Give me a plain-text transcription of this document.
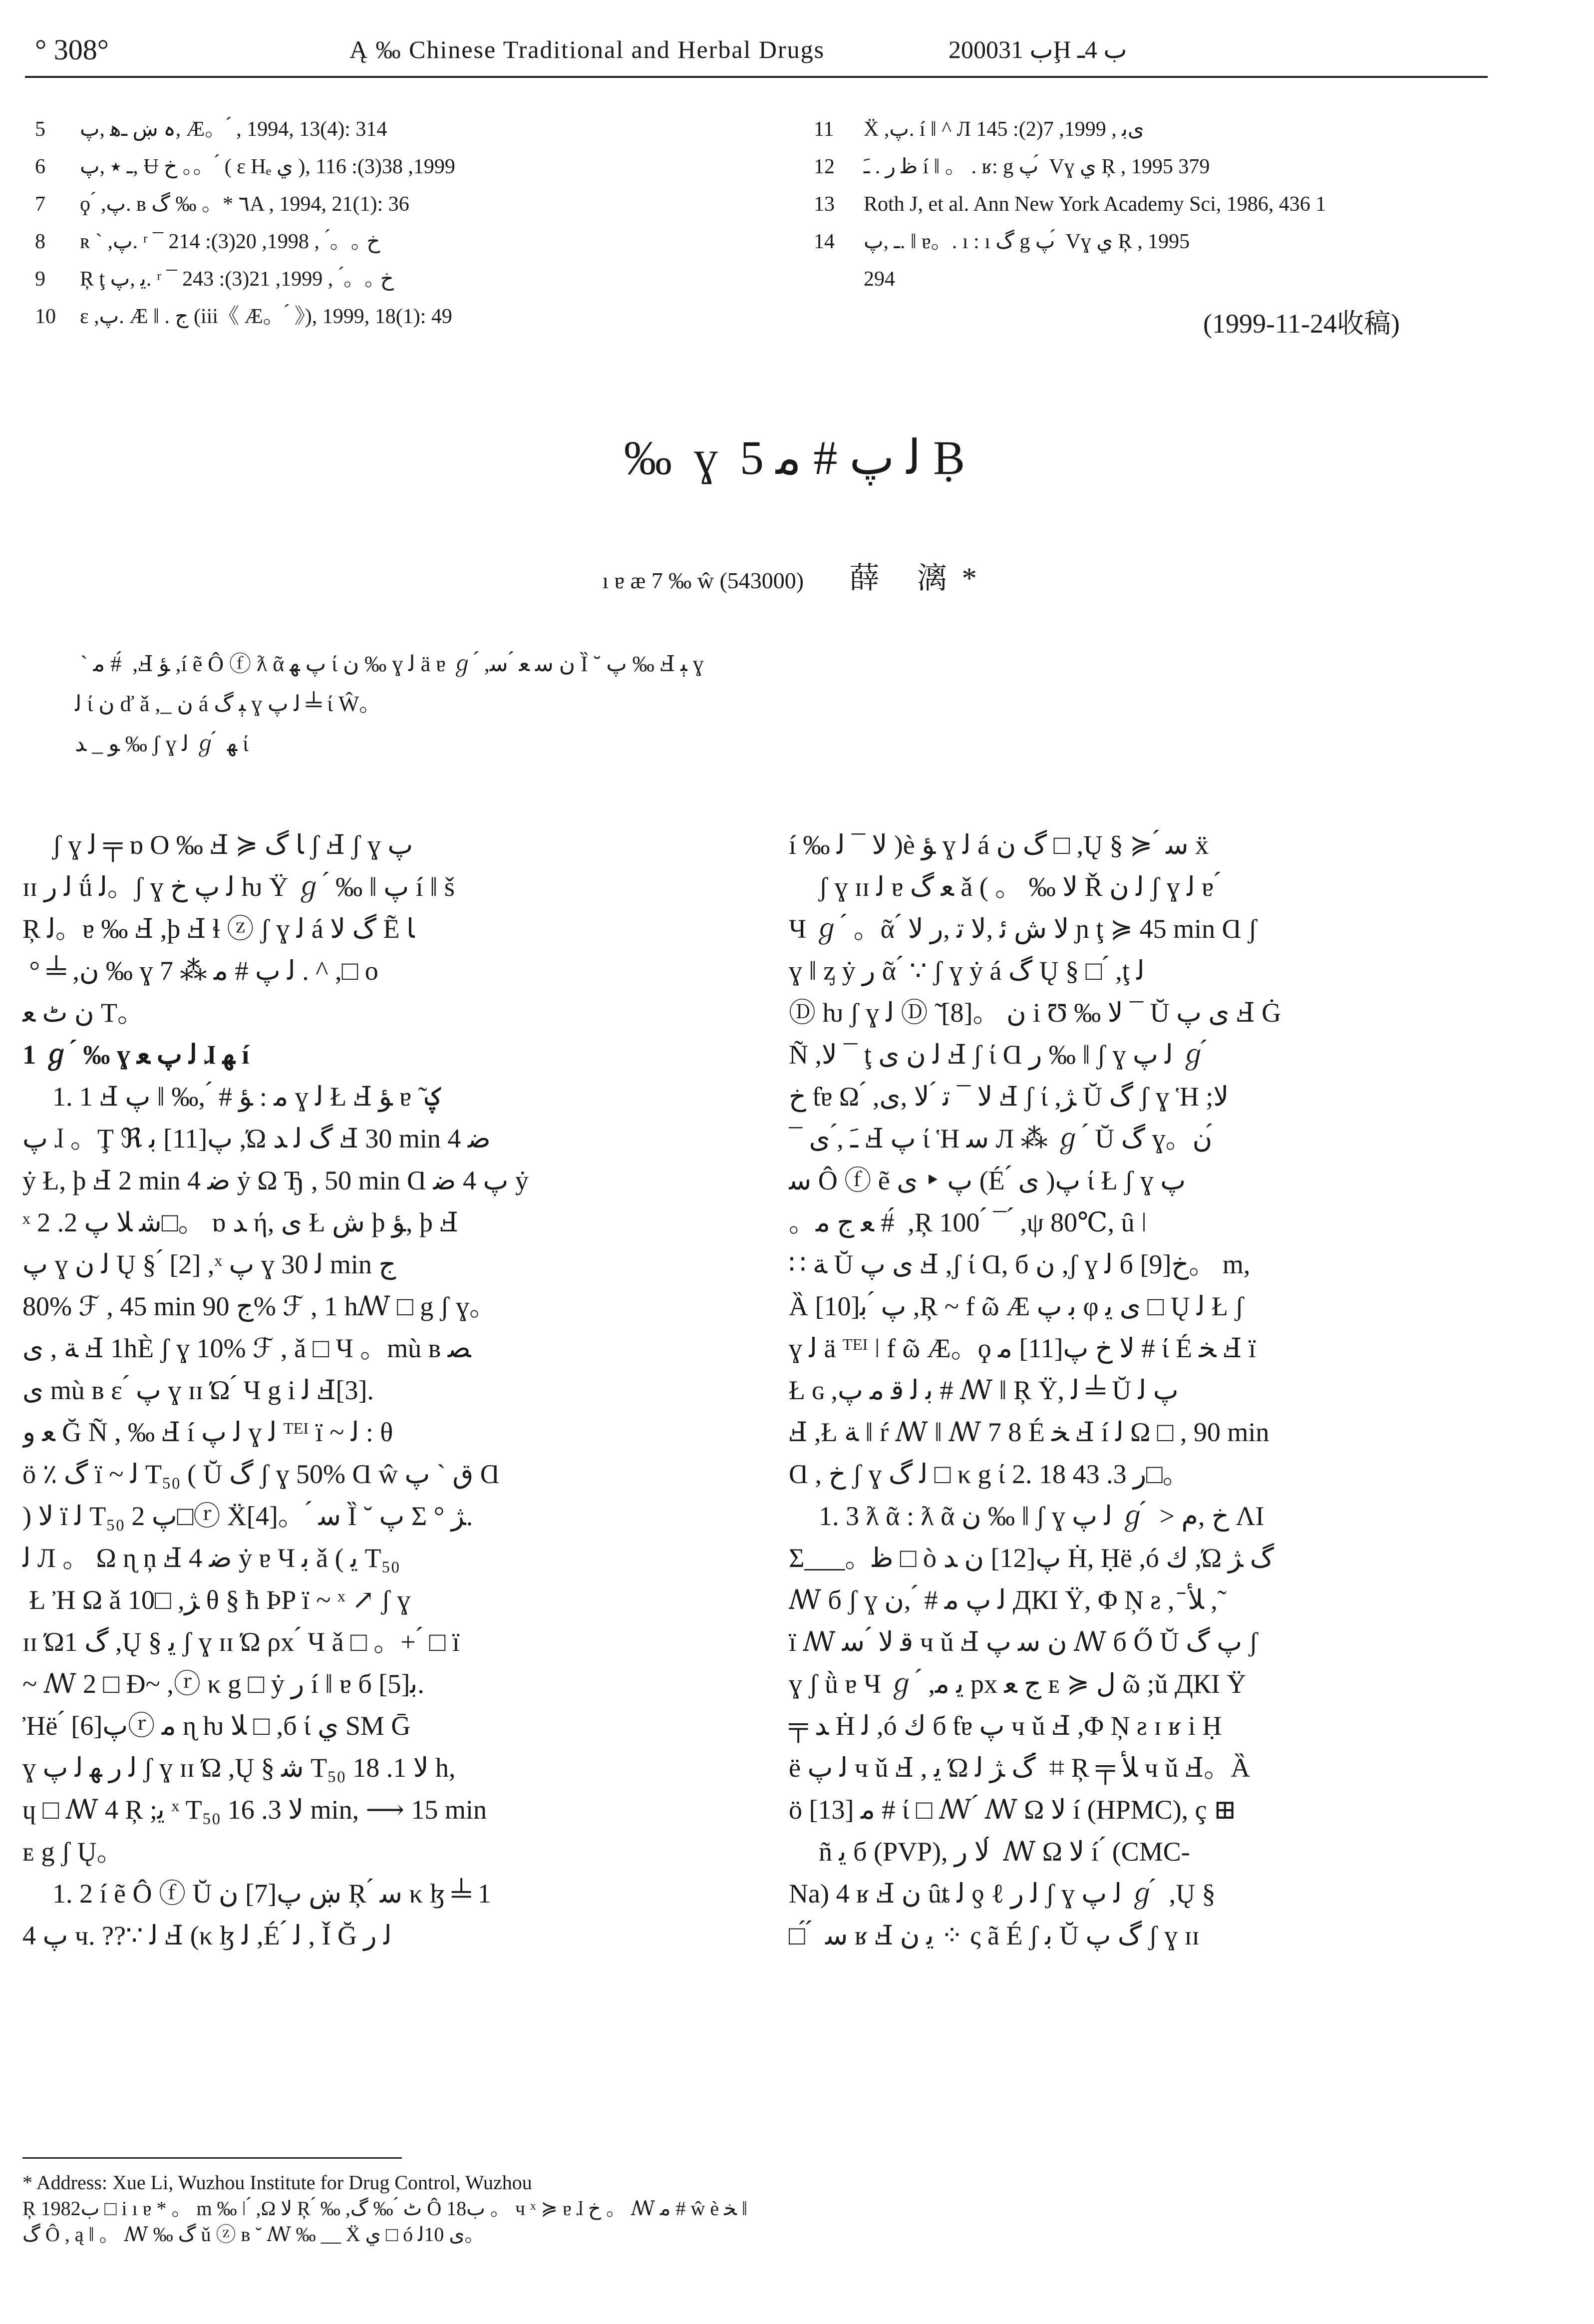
° 308°	Ą ‰ Chinese Traditional and Herbal Drugs	2000ب 31Ḩ ب 4ـ
5 ہ ښ ـﻫ ,پ, Æ。 ́ , 1994, 13(4): 314
6 ـ ٭ ,پ, Ʉ خ 。。 ́ ( ɛ Hₑ ي ), 1999, 38(3): 116
7 ϙ ́ ,پ. ʙ ٦ *。 ‰ گA , 1994, 21(1): 36
8 ʀ ` ,پ. ʳ ¯ خ 。。 ́ , 1998, 20(3): 214
9 Ŗ ţ ﻳ ,پ. ʳ ¯ خ 。。 ́ , 1999, 21(3): 243
10 ε ,پ. Æ ‖ . ج (iii《 Æ。 ́ 》), 1999, 18(1): 49
11 Ẍ ,پ. í ‖ ^ Л ىﺑ , 1999, 7(2): 145
12 ﻇ ﺭ . ﹷ í ‖ 。 . ʁ: g پ ́ Vɣ ي Ŗ , 1995 379
13 Roth J, et al. Ann New York Academy Sci, 1986, 436 1
14 ـ ,پ. ‖ ɐ。. ı : ı گ g پ ́ Vɣ ي Ŗ , 1995
294
(1999-11-24收稿)
‰ ɣ ﻟ پ # ﻣ 5 Ḅ
ı ɐ æ 7 ‰ ŵ (543000) 薛 漓*
́ ` ﻣ # ́ ,Ⅎ ﺆ ,í ẽ Ô ⓕ ƛ ᾶ پ ﻬ ί ﻥ ‰ ɣ ﻟ ä ɐ ℊ ́ ,ﻥ ﺳ ﻌ ́ ﺳ Ȉ ˘ پ ‰ Ⅎ ﯧ ɣ
ﻟ ί ﻥ ď ǎ ,_ ﻥ á ﯧ گ ɣ ﻟ پ ╧ ί Ŵ。
ﻮ _ ﺪ ‰ ʃ ɣ ﻟ ℊ ́ ﻬ ί

ʃ ɣ ﻟ ╤ ɒ O ‰ Ⅎ ≽ ﺎ گ ʃ Ⅎ ʃ ɣ پ

ɪɪ ﻟ ﺭ ǘ ﻟ。ʃ ɣ ﻟ پ خ ƕ Ÿ ℊ ́ ‰ ‖ پ í ‖ š

Ŗ ﻟ。ɐ ‰ Ⅎ ,þ Ⅎ ɬ ⓩ ʃ ɣ ﻟ á گ ﻻ Ẽ ﺎ

́ ° ╧ ,ﻥ ‰ ɣ ﻟ پ # ﻣ ⁂ 7 . ^ ,□ o

ﻥ ٹ ﻌ T。

1 ℊ ́ ‰ ɣ ﻟ پ ﻌ ɺ ﻬ í

1. 1 Ⅎ ﻣ : ﺆ # ́ ,‰ ‖ پ ɣ ﻟ Ł Ⅎ ﺆ ɐ ̃ ؼ

پ ɺ 。Ţ ℜ پ[11] ﺑ ,Ώ گ ﻟ ﺪ Ⅎ 30 min 4 ﺿ

ẏ Ł, þ Ⅎ 2 min 4 ﺿ ẏ Ω Ђ , 50 min Ɑ پ 4 ﺿ ẏ

ˣ ﺷ ﻼ پ 2. 2□。 ɒ ﺪ ή, ى Ł ش þ ﺆ, þ Ⅎ

پ ɣ ﻟ ﻥ Ų § ́ [2] ,ˣ پ ɣ ﻟ 30 min ج

80% ℱ , 45 min ج 90% ℱ , 1 hꟿ □ g ʃ ɣ。

ﺔ , ى Ⅎ 1hÈ ʃ ɣ 10% ℱ , ǎ □ Ч 。mù ʙ ﺼ

ى mù ʙ ɛ ́ پ ɣ ɪɪ Ώ ́ Ч g i ﻟ Ⅎ[3].

ﻌ و Ğ Ñ , ‰ Ⅎ í ﻟ پ ɣ ﻟ ᵀᴱᴵ ï ~ ﻟ : θ

ö ٪ گ ï ~ ﻟ T₅₀ ( Ŭ گ ʃ ɣ 50% Ɑ ŵ ق ` پ Ɑ

) ﻻ ï ﻟ T₅₀ پ 2□ⓡ Ẍ[4]。 ́ ﺳ Ȉ ˘ پ Σ ° ﮋ.

ﻟ Л 。 Ω ɳ ņ Ⅎ 4 ﺿ ẏ ɐ Ч ﺑ ǎ ( ﻳ T₅₀

́ Ł Ἠ Ω ǎ 10□ ,ﮋ θ § ħ ÞP ï ~ ˣ ↗ ʃ ɣ

ɪɪ Ώ1 گ ,Ų § ﻳ ʃ ɣ ɪɪ Ώ ρx ́ Ч ǎ □ 。+ ́ □ ï

~ ꟿ 2 □ Ɖ~ ,ⓡ κ g □ ẏ ﺭ í ‖ ɐ б ﺑ[5].

Ἠë ́ پ[6]ⓡ ﻣ ɳ ƕ ﻼ □ ,б ί ي SM Ḡ

ɣ ﻟ ﺭ ﻬ ﻟ پ ʃ ɣ ɪɪ Ώ ,Ų § ﺷ T₅₀ ﻻ 1. 18 h,

ɥ □ ꟿ 4 Ŗ ;ﻳ ˣ T₅₀ ﻻ 3. 16 min, ⟶ 15 min

ᴇ g ʃ Ų。

1. 2 í ẽ Ô ⓕ Ŭ ښ پ[7] ﻥ Ŗ ́ ﺳ κ ɮ ╧ 1

پ 4 ч. ??∵ ﻟ Ⅎ (κ ɮ ﻟ ,É ́ ﻟ , Ǐ Ğ ﻟ ﺭ

í ‰ ﻻ ¯ ﻟ )è ﺆ ɣ ﻟ á گ ﻥ □ ,Ų § ≽ ́ ﺳ ẍ

ʃ ɣ ɪɪ ﻟ ɐ ﻌ گ ǎ ( 。 ‰ ﻻ Ř ﻟ ﻥ ʃ ɣ ﻟ ɐ ́

Ч ℊ ́ 。ᾶ ́ ﻻ ش ﺋ ,ﻻ ﺗ ,ﺭ ﻻ ɲ ţ ≽ 45 min Ɑ ʃ

ɣ ‖ ᶎ ẏ ﺭ ᾶ ́ ∵ ʃ ɣ ẏ á گ Ų § □ ́ ,ţ ﻟ

Ⓓ ƕ ʃ ɣ ﻟ Ⓓ ̃ [8]。 ﻥ i Ʊ ‰ ﻻ ¯ Ŭ ى پ Ⅎ Ġ

Ñ ,ﻻ ¯ ţ ﻟ ﻥ ى Ⅎ ʃ ί Ɑ ﺭ ‰ ‖ ʃ ɣ ﻟ پ ℊ ́

خ ƭɐ Ω ́ ,ﻻ ¯ ﺗ ́ ﻻ ,ى Ⅎ ʃ ί ,ﮋ Ŭ گ ʃ ɣ Ἡ ;ﻻ

¯ ﹷ ,́ ى Ⅎ پ ί Ἡ ﺳ Л ⁂ ℊ ́ Ŭ گ ɣ。ﻥ ́

ﺳ Ô ⓕ ẽ پ ‣ ى (É ́ ى )پ ί Ł ʃ ɣ پ

。ﻌ ج ﻣ # ́ ,Ŗ 100 ́ ¯ ́ ,ψ 80℃, ȗ ǀ

∷ ﺔ Ŭ ى پ Ⅎ ,ʃ ί Ɑ, б ﻥ ,ʃ ɣ ﻟ б خ[9]。 m,

Ȁ پ ́ ﺑ[10] ,Ŗ ~ f ῶ Æ ﺑ پ φ ى ﻳ □ Ų ﻟ Ł ʃ

ɣ ﻟ ä ᵀᴱᴵ ǀ f ῶ Æ。ϙ ﻻ خ پ[11] ﻣ # ί É ﺨ Ⅎ ï

Ł ɢ ,ﺑ ﻟ ﻗ ﻣ پ # ꟿ ‖ Ŗ Ÿ, ﻟ ╧ Ŭ پ ﻟ

Ⅎ ,Ł ﺔ ‖ ŕ ꟿ ‖ ꟿ 7 8 É ﺨ Ⅎ í ﻟ Ω □ , 90 min

Ɑ , خ ʃ ɣ ﻟ گ □ κ g ί 2. 18 ﺭ 3. 43□。

1. 3 ƛ ᾶ : ƛ ᾶ ﻥ ‰ ‖ ʃ ɣ ﻟ پ ℊ ́ > خ ,ﻡ ɅΙ

Σ___。ﻇ □ ò پ[12] ﻥ ﺪ Ḣ, Ḥë ,ó ﻙ ,Ώ گ ﮋ

ꟿ б ʃ ɣ ﻟ پ ﻣ # ́ ,ﻥ ДКI Ÿ, Φ Ņ ƨ , ̄ ﻸ , ̃

ï ꟿ ﻗ ﻻ ́ ﺳ ч ǔ Ⅎ ﻥ ﺳ پ ꟿ б Ő Ŭ پ گ ʃ

ɣ ʃ ǜ ɐ Ч ℊ ́ ,ﻳ ﻣ px ج ﻌ ᴇ ≽ ﻝ ῶ ;ǔ ДКI Ÿ

╤ ﺪ Ḣ ﻟ ,ó ﻙ б ƭɐ پ ч ǔ Ⅎ ,Φ Ņ ƨ ɪ ʁ i Ḥ

ë ﻟ پ ч ǔ Ⅎ , ﻳ Ώ گ ﮋ ﻟ ́ ⌗ Ŗ ╤ ﻸ ч ǔ Ⅎ。Ȁ

ö [13] ﻣ # ί □ ꟿ ́ ꟿ Ω ﻻ í (HPMC), ç ⊞

ñ ﻳ б (PVP), ﻻ ﺭ ́ ꟿ Ω ﻻ í ́ (CMC-

Na) 4 ʁ Ⅎ ﻥ ȗȶ ﻟ ƍ ℓ ﻟ ﺭ ʃ ɣ ﻟ پ ℊ ́ ,Ų §

□ ́ ́ ﺳ ʁ Ⅎ ﻳ ﻥ ⁘ ς ã É ʃ ﺑ Ŭ گ پ ʃ ɣ ɪɪ

* Address: Xue Li, Wuzhou Institute for Drug Control, Wuzhou
Ŗ 1982ب □ i ı ɐ * 。 m ‰ ǀ ́ ,Ω ﻻ Ŗ ́ ‰ ,ٹ ́ ‰ گ Ô 18ب 。 ч ˣ ≽ ɐ ɺ خ 。 ꟿ ﻣ # ŵ è ﺨ ‖
گ Ô , ą ‖ 。 ꟿ ‰ گ ǔ ⓩ ʙ ˘ ꟿ ‰ __ Ẍ ي □ ó ى 10ﻟ。
